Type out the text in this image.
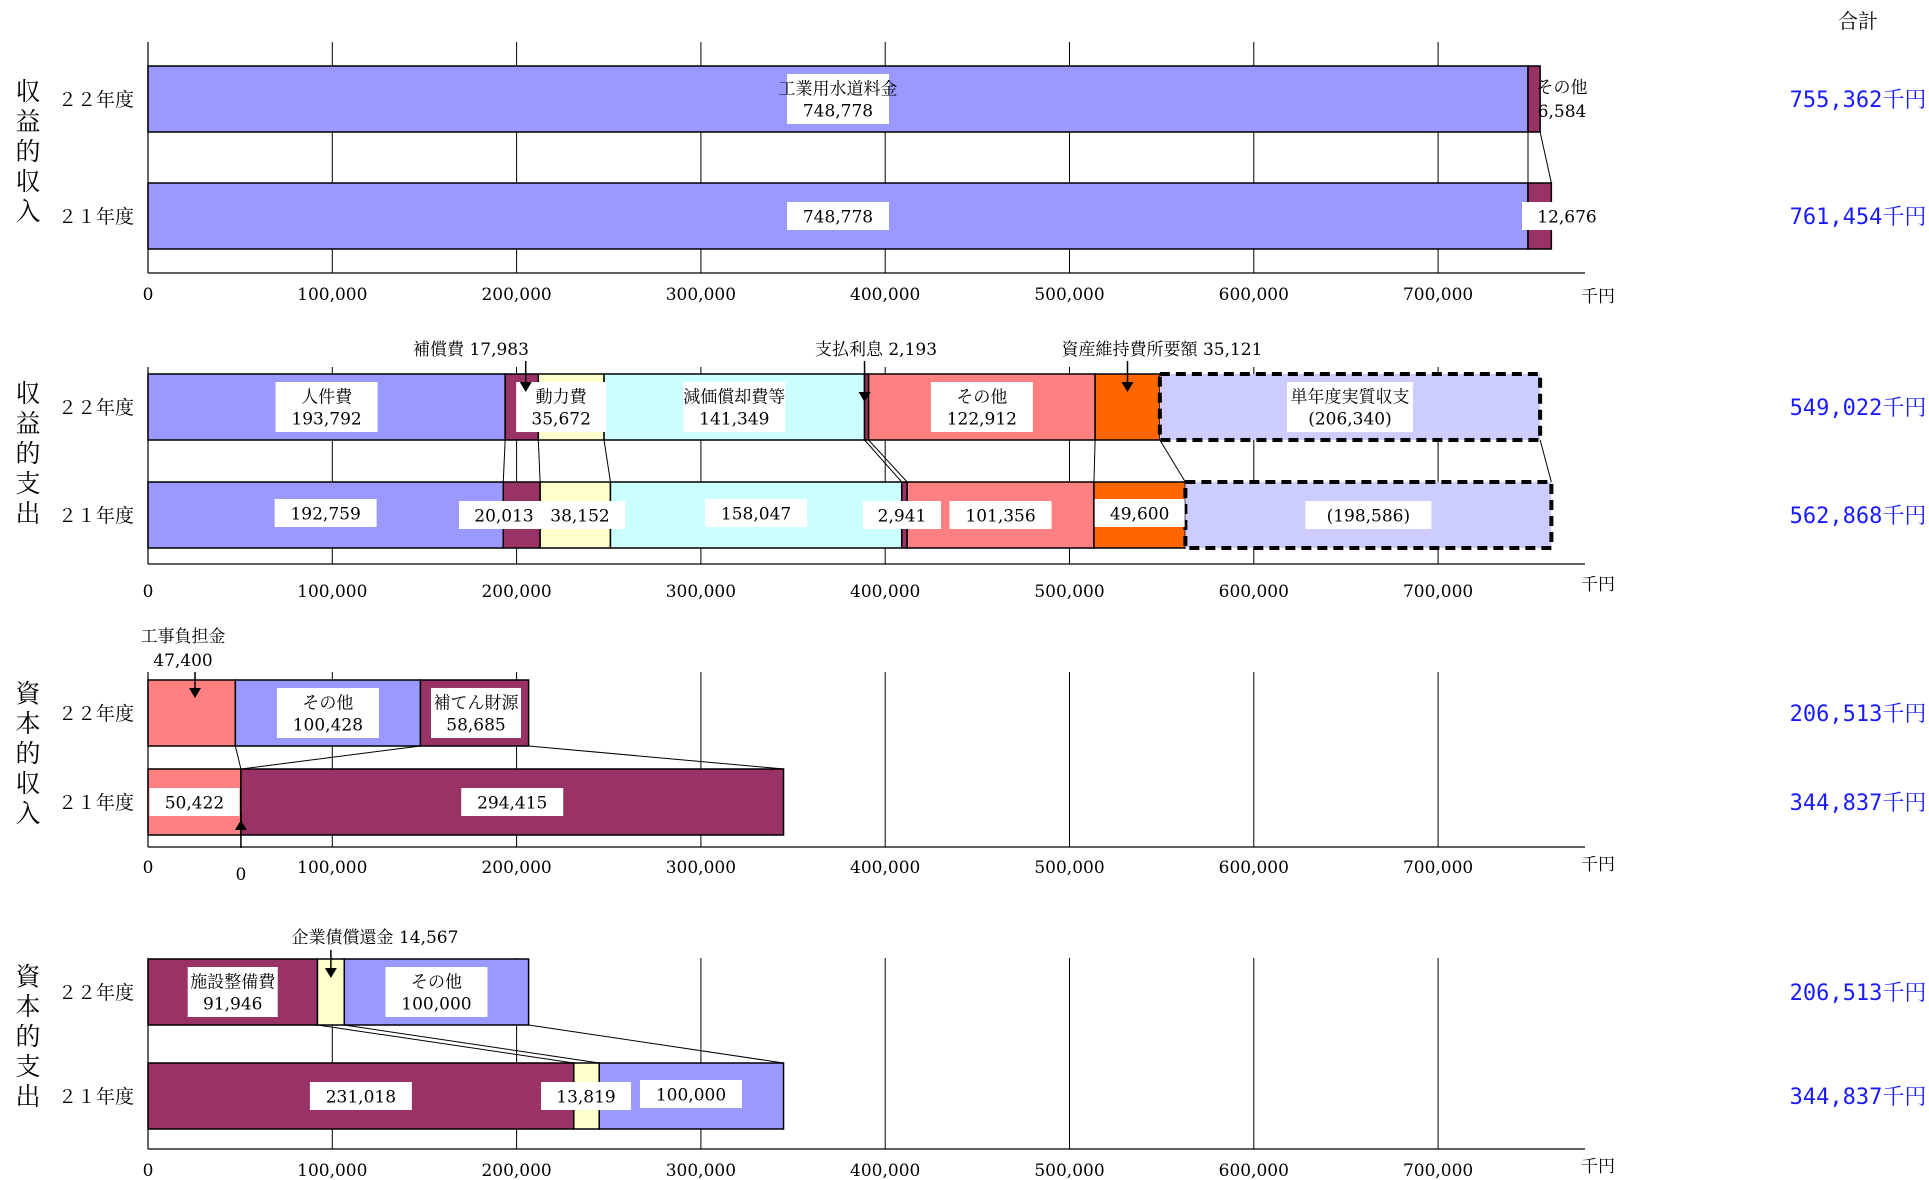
合計
0	100,000	200,000	300,000	400,000	500,000	600,000	700,000	千円
収
益
的
収
入
２２年度	755,362千円
２１年度	761,454千円
0	100,000	200,000	300,000	400,000	500,000	600,000	700,000	千円
収
益
的
支
出
２２年度	549,022千円
２１年度	562,868千円
0	100,000	200,000	300,000	400,000	500,000	600,000	700,000	千円
資
本
的
収
入
２２年度	206,513千円
２１年度	344,837千円
0	100,000	200,000	300,000	400,000	500,000	600,000	700,000	千円
資
本
的
支
出
２２年度	206,513千円
２１年度	344,837千円
工業用水道料金
748,778
その他
6,584
748,778	12,676
人件費
193,792
動力費
35,672
減価償却費等
141,349
その他
122,912
単年度実質収支
(206,340)
補償費 17,983	支払利息 2,193	資産維持費所要額 35,121
192,759	20,013 38,152	158,047	2,941 101,356	49,600	(198,586)
工事負担金
47,400
その他
100,428
補てん財源
58,685
50,422	294,415
0
施設整備費
91,946
その他
100,000
企業債償還金 14,567
231,018	13,819 100,000
